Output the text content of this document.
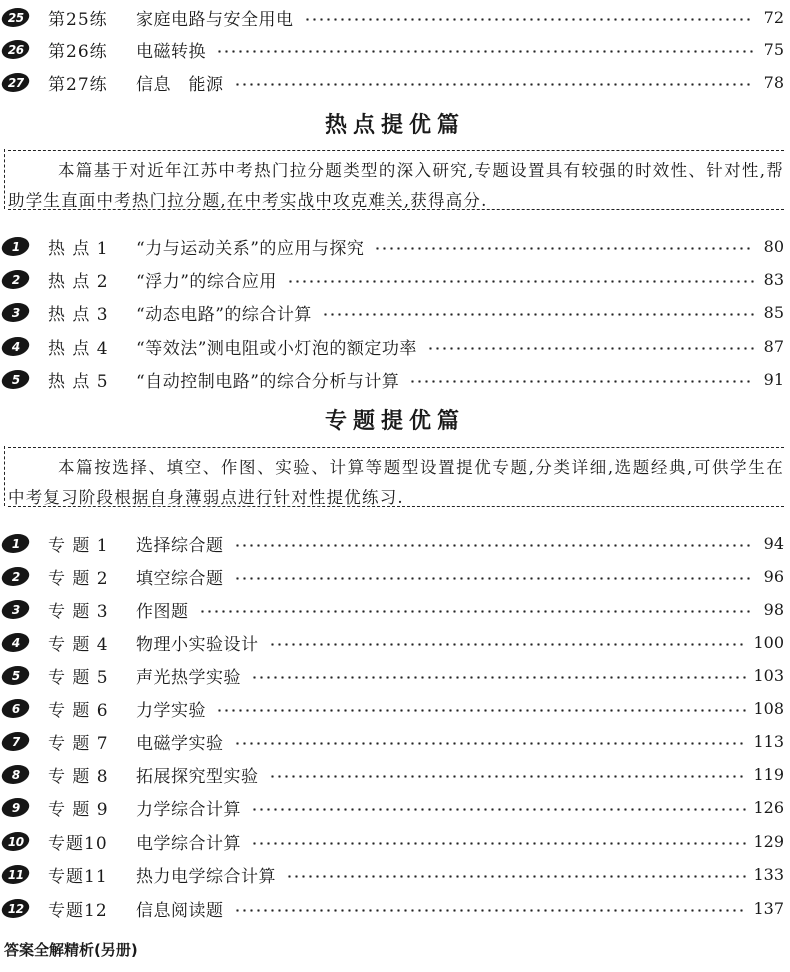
25 第25练	家庭电路与安全用电	72
26 第26练	电磁转换	75
27 第27练	信息　能源	78
热点提优篇
本篇基于对近年江苏中考热门拉分题类型的深入研究,专题设置具有较强的时效性、针对性,帮助学生直面中考热门拉分题,在中考实战中攻克难关,获得高分.
1 热 点 1	“力与运动关系”的应用与探究	80
2 热 点 2	“浮力”的综合应用	83
3 热 点 3	“动态电路”的综合计算	85
4 热 点 4	“等效法”测电阻或小灯泡的额定功率	87
5 热 点 5	“自动控制电路”的综合分析与计算	91
专题提优篇
本篇按选择、填空、作图、实验、计算等题型设置提优专题,分类详细,选题经典,可供学生在中考复习阶段根据自身薄弱点进行针对性提优练习.
1 专 题 1	选择综合题	94
2 专 题 2	填空综合题	96
3 专 题 3	作图题	98
4 专 题 4	物理小实验设计	100
5 专 题 5	声光热学实验	103
6 专 题 6	力学实验	108
7 专 题 7	电磁学实验	113
8 专 题 8	拓展探究型实验	119
9 专 题 9	力学综合计算	126
10 专题10	电学综合计算	129
11 专题11	热力电学综合计算	133
12 专题12	信息阅读题	137
答案全解精析(另册)
